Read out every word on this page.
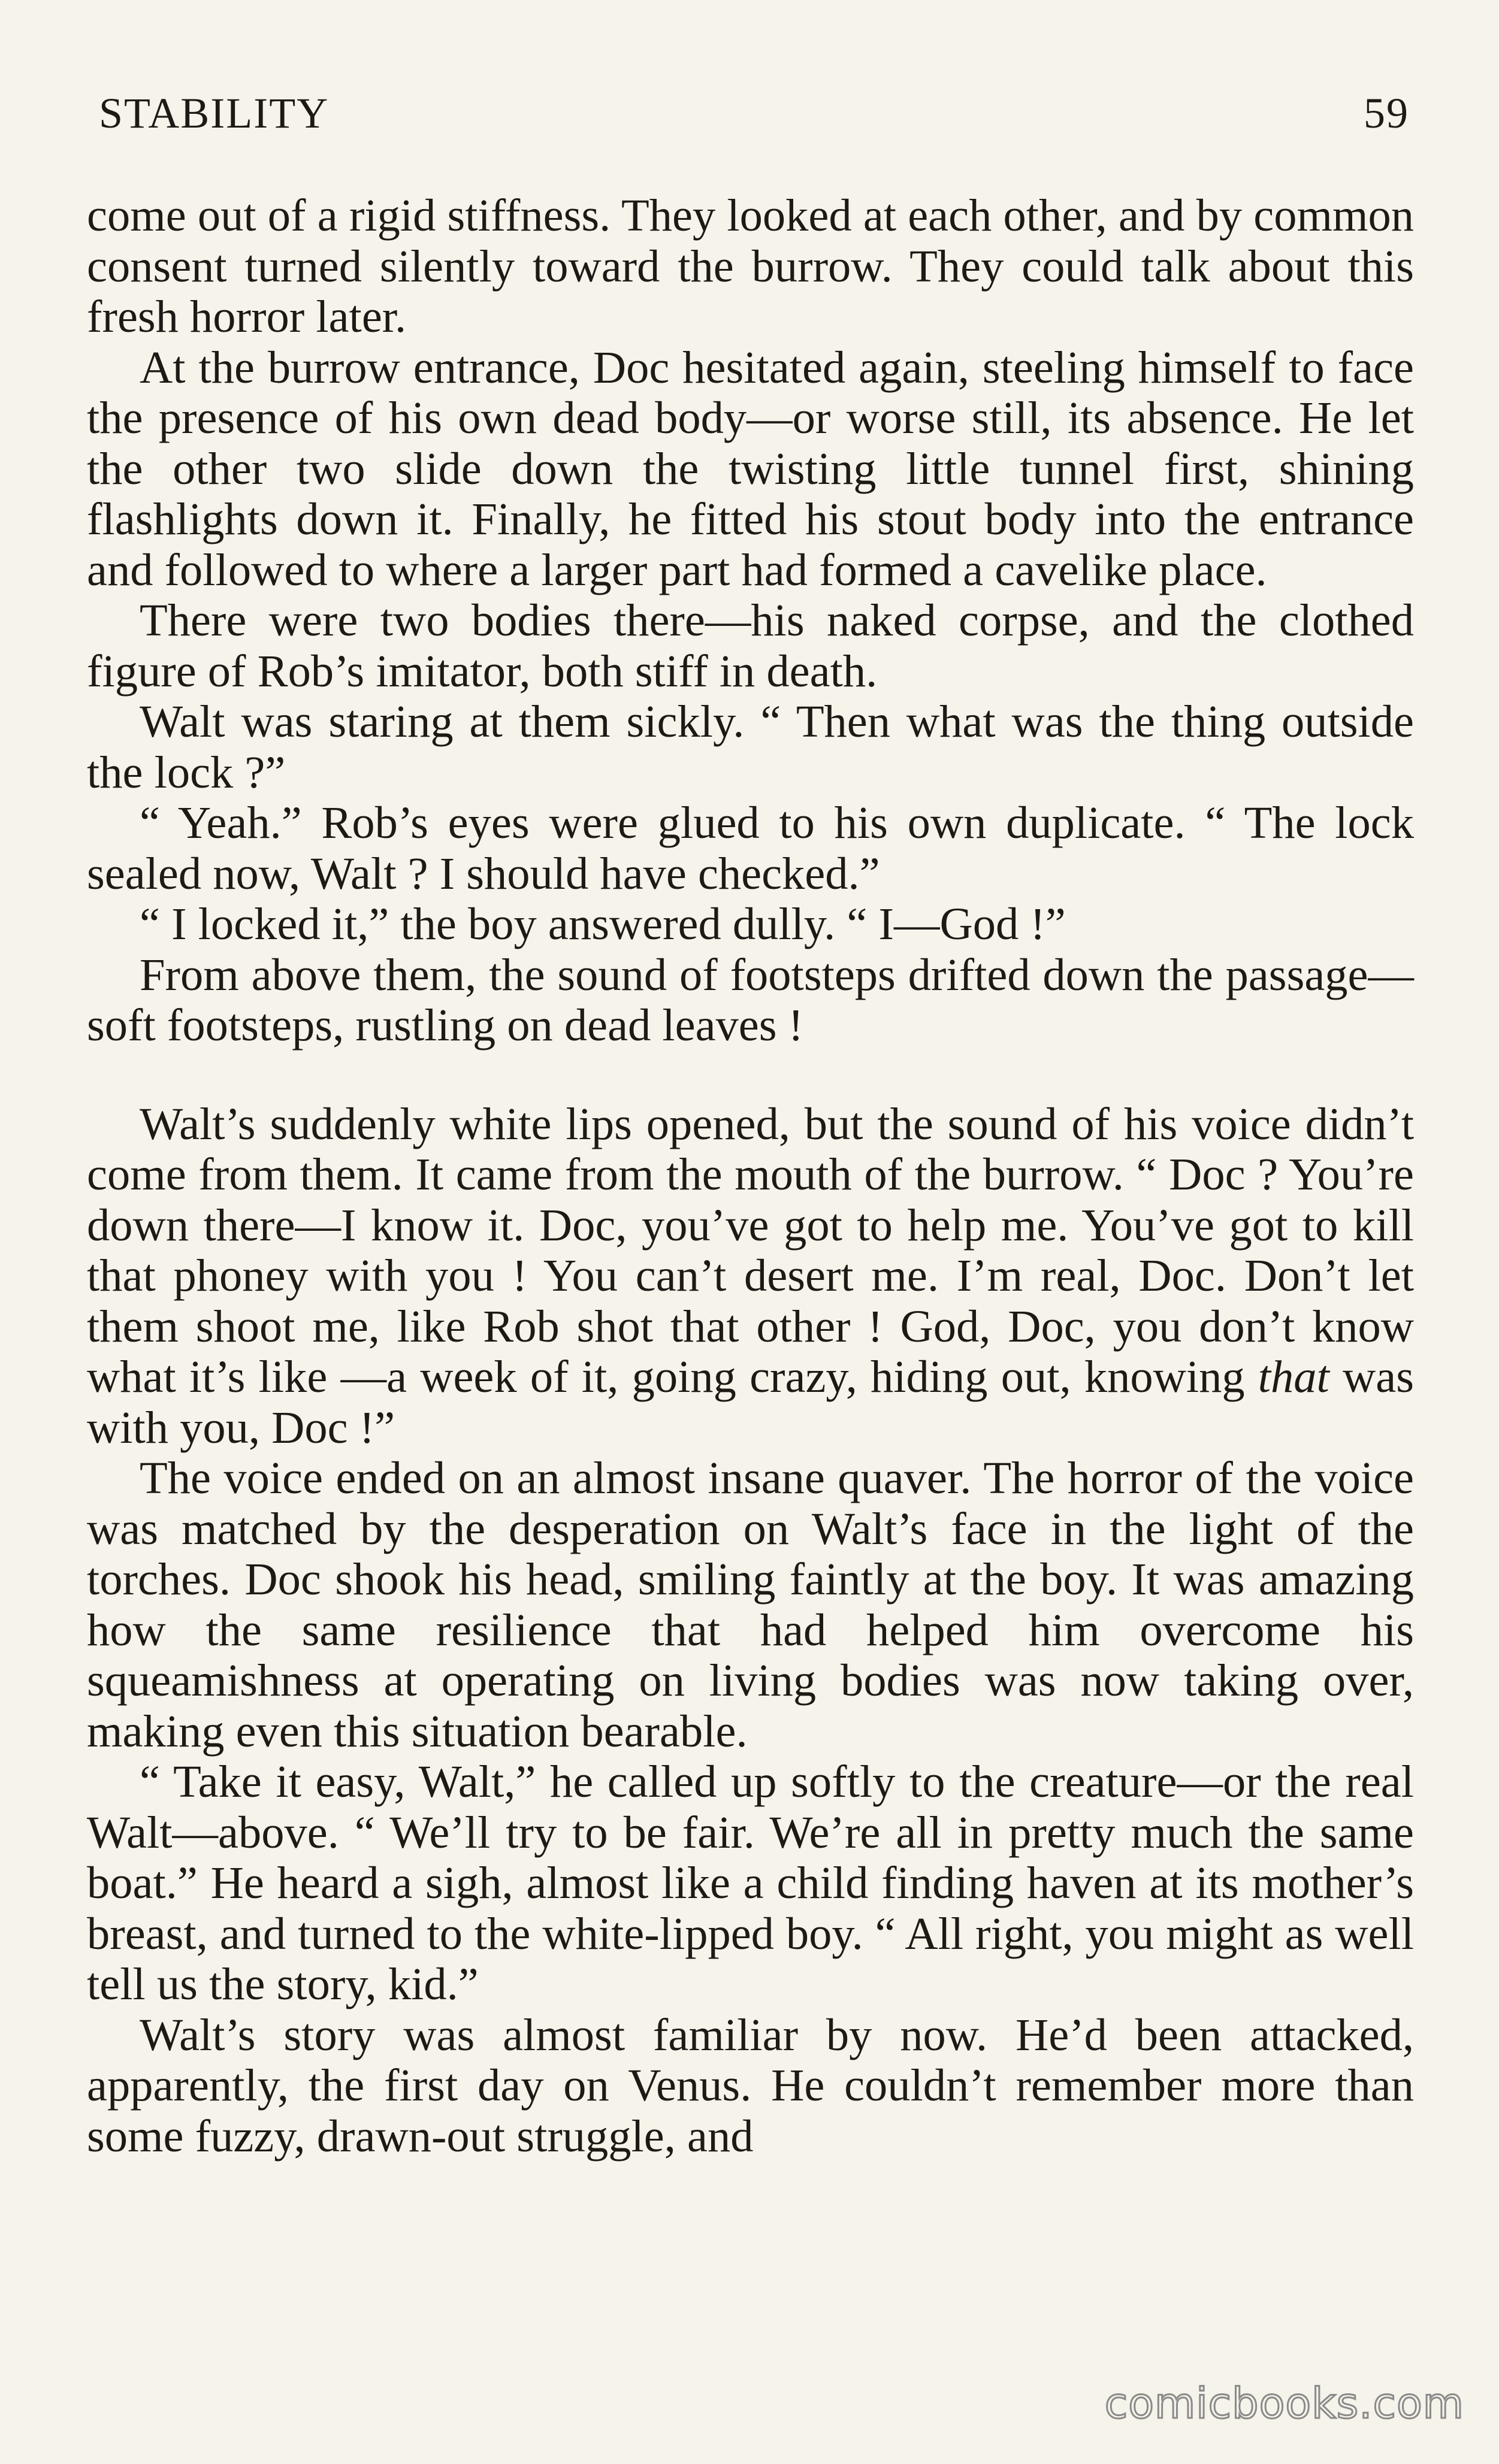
STABILITY	59

come out of a rigid stiffness. They looked at each other, and by common consent turned silently toward the burrow. They could talk about this fresh horror later.

At the burrow entrance, Doc hesitated again, steeling himself to face the presence of his own dead body—or worse still, its absence. He let the other two slide down the twisting little tunnel first, shining flashlights down it. Finally, he fitted his stout body into the entrance and followed to where a larger part had formed a cavelike place.

There were two bodies there—his naked corpse, and the clothed figure of Rob’s imitator, both stiff in death.

Walt was staring at them sickly. “ Then what was the thing outside the lock ?”

“ Yeah.” Rob’s eyes were glued to his own duplicate. “ The lock sealed now, Walt ? I should have checked.”

“ I locked it,” the boy answered dully. “ I—God !”

From above them, the sound of footsteps drifted down the passage—soft footsteps, rustling on dead leaves !

Walt’s suddenly white lips opened, but the sound of his voice didn’t come from them. It came from the mouth of the burrow. “ Doc ? You’re down there—I know it. Doc, you’ve got to help me. You’ve got to kill that phoney with you ! You can’t desert me. I’m real, Doc. Don’t let them shoot me, like Rob shot that other ! God, Doc, you don’t know what it’s like —a week of it, going crazy, hiding out, knowing that was with you, Doc !”

The voice ended on an almost insane quaver. The horror of the voice was matched by the desperation on Walt’s face in the light of the torches. Doc shook his head, smiling faintly at the boy. It was amazing how the same resilience that had helped him overcome his squeamishness at operating on living bodies was now taking over, making even this situation bearable.

“ Take it easy, Walt,” he called up softly to the creature—or the real Walt—above. “ We’ll try to be fair. We’re all in pretty much the same boat.” He heard a sigh, almost like a child finding haven at its mother’s breast, and turned to the white-lipped boy. “ All right, you might as well tell us the story, kid.”

Walt’s story was almost familiar by now. He’d been attacked, apparently, the first day on Venus. He couldn’t remember more than some fuzzy, drawn-out struggle, and

comicbooks.com
